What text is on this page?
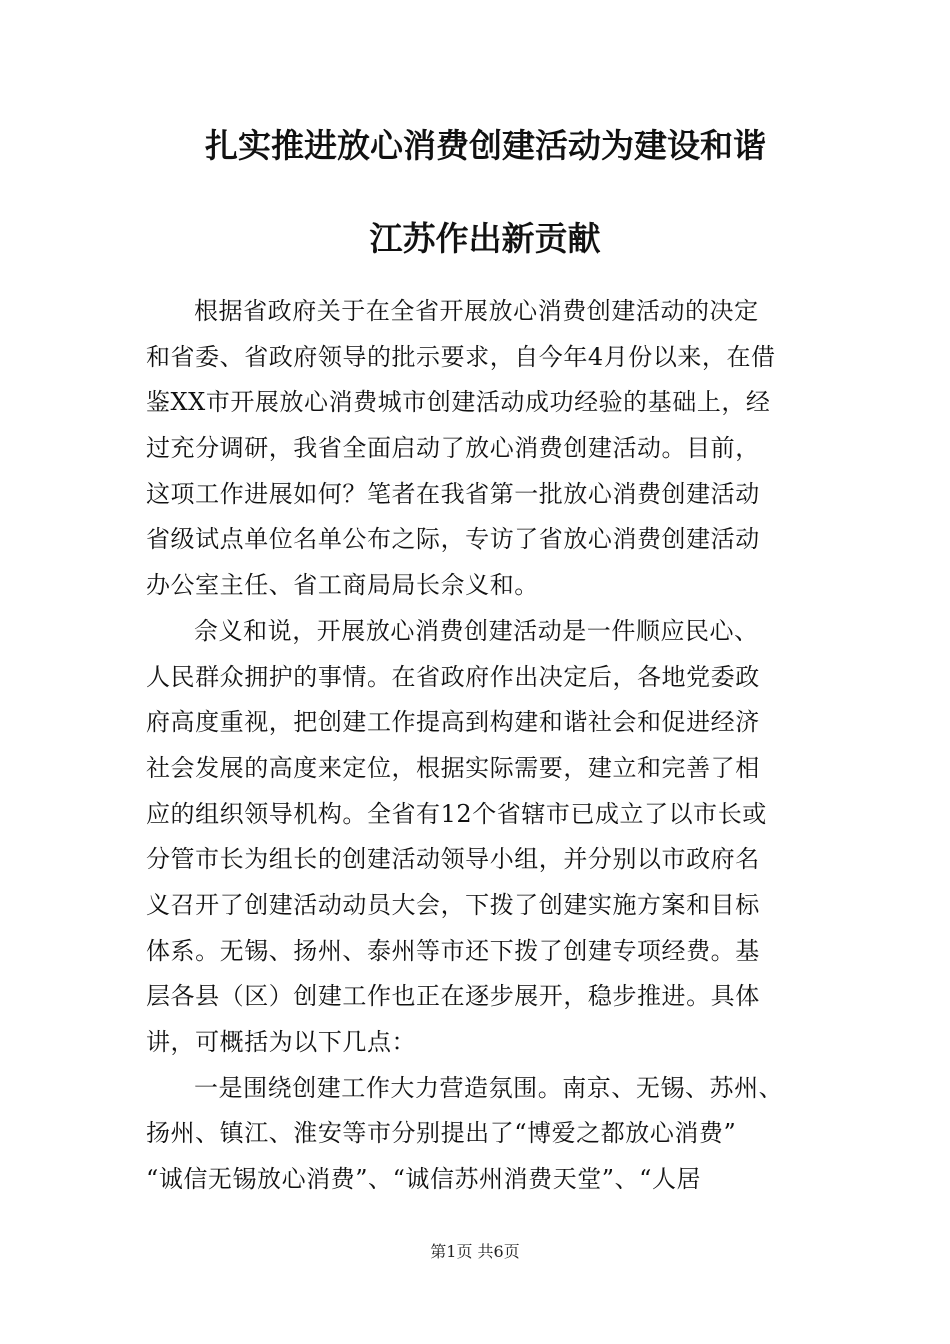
扎实推进放心消费创建活动为建设和谐
江苏作出新贡献
根据省政府关于在全省开展放心消费创建活动的决定
和省委、省政府领导的批示要求，自今年4月份以来，在借
鉴XX市开展放心消费城市创建活动成功经验的基础上，经
过充分调研，我省全面启动了放心消费创建活动。目前，
这项工作进展如何？笔者在我省第一批放心消费创建活动
省级试点单位名单公布之际，专访了省放心消费创建活动
办公室主任、省工商局局长佘义和。
佘义和说，开展放心消费创建活动是一件顺应民心、
人民群众拥护的事情。在省政府作出决定后，各地党委政
府高度重视，把创建工作提高到构建和谐社会和促进经济
社会发展的高度来定位，根据实际需要，建立和完善了相
应的组织领导机构。全省有12个省辖市已成立了以市长或
分管市长为组长的创建活动领导小组，并分别以市政府名
义召开了创建活动动员大会，下拨了创建实施方案和目标
体系。无锡、扬州、泰州等市还下拨了创建专项经费。基
层各县（区）创建工作也正在逐步展开，稳步推进。具体
讲，可概括为以下几点：
一是围绕创建工作大力营造氛围。南京、无锡、苏州、
扬州、镇江、淮安等市分别提出了“博爱之都放心消费”
“诚信无锡放心消费”、“诚信苏州消费天堂”、“人居
第1页 共6页
